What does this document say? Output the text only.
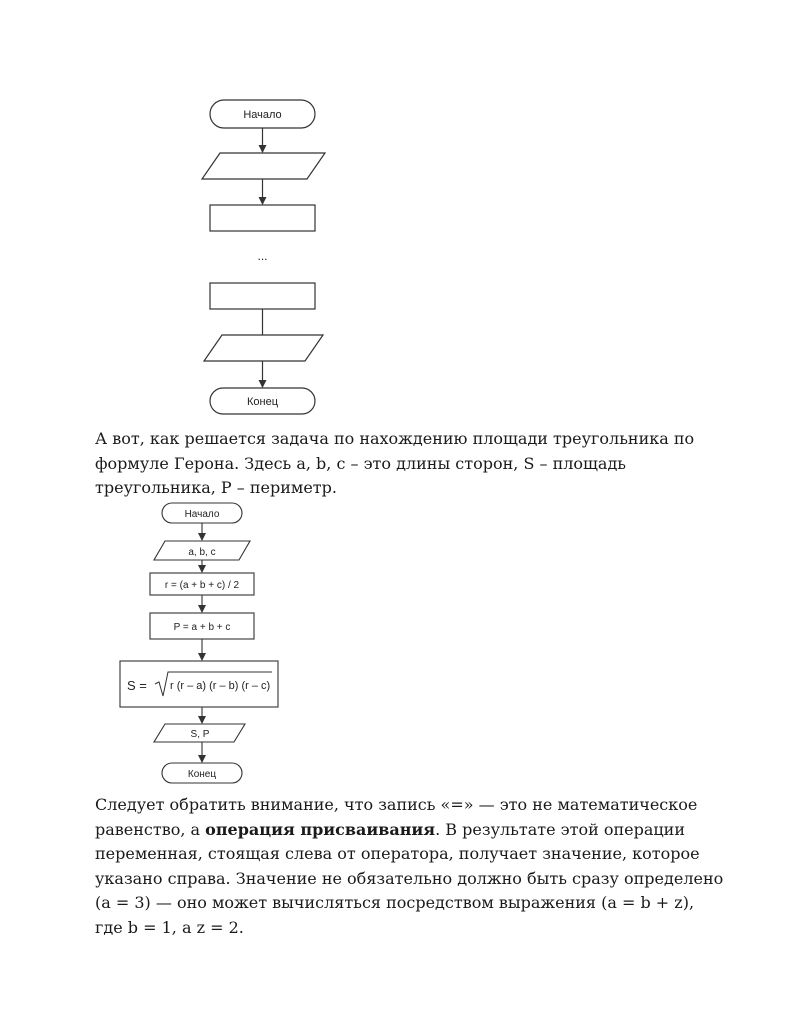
Начало
...
Конец

А вот, как решается задача по нахождению площади треугольника по формуле Герона. Здесь a, b, c – это длины сторон, S – площадь треугольника, P – периметр.

Начало
a, b, c
r = (a + b + c) / 2
P = a + b + c
S = r (r – a) (r – b) (r – c)
S, P
Конец

Следует обратить внимание, что запись «=» — это не математическое равенство, а операция присваивания. В результате этой операции переменная, стоящая слева от оператора, получает значение, которое указано справа. Значение не обязательно должно быть сразу определено (a = 3) — оно может вычисляться посредством выражения (a = b + z), где b = 1, а z = 2.
